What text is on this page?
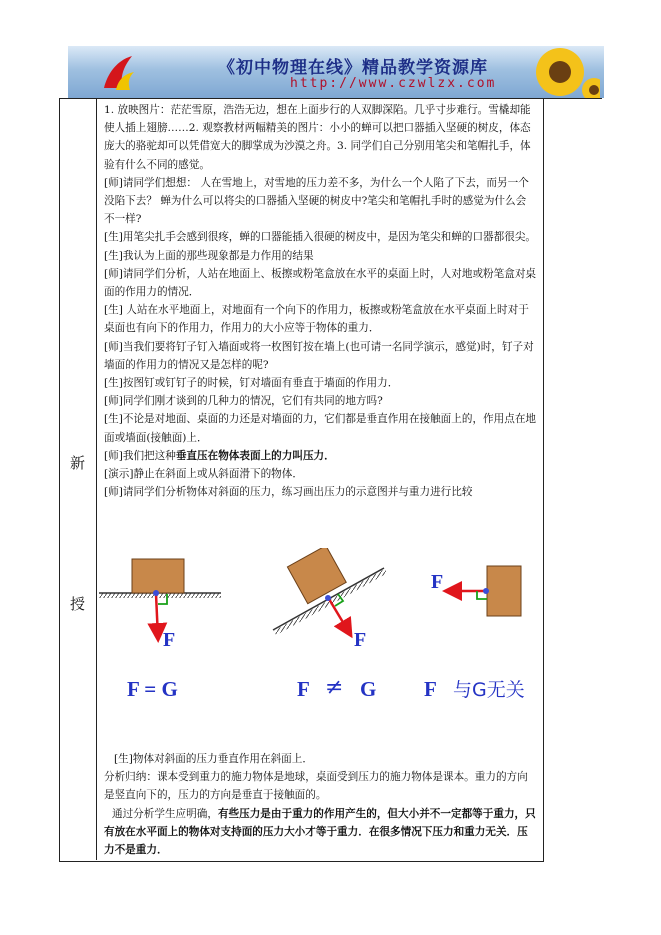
《初中物理在线》精品教学资源库
http://www.czwlzx.com
新
授

1. 放映图片：茫茫雪原，浩浩无边，想在上面步行的人双脚深陷。几乎寸步难行。雪橇却能使人插上翅膀……2. 观察教材两幅精美的图片：小小的蝉可以把口器插入坚硬的树皮，体态庞大的骆驼却可以凭借宽大的脚掌成为沙漠之舟。3. 同学们自己分别用笔尖和笔帽扎手，体验有什么不同的感觉。

[师]请同学们想想： 人在雪地上，对雪地的压力差不多，为什么一个人陷了下去，而另一个没陷下去？ 蝉为什么可以将尖的口器插入坚硬的树皮中?笔尖和笔帽扎手时的感觉为什么会不一样?

[生]用笔尖扎手会感到很疼，蝉的口器能插入很硬的树皮中，是因为笔尖和蝉的口器都很尖。

[生]我认为上面的那些现象都是力作用的结果

[师]请同学们分析，人站在地面上、板擦或粉笔盒放在水平的桌面上时，人对地或粉笔盒对桌面的作用力的情况．

[生] 人站在水平地面上，对地面有一个向下的作用力，板擦或粉笔盒放在水平桌面上时对于桌面也有向下的作用力，作用力的大小应等于物体的重力．

[师]当我们要将钉子钉入墙面或将一枚图钉按在墙上(也可请一名同学演示，感觉)时，钉子对墙面的作用力的情况又是怎样的呢?

[生]按图钉或钉钉子的时候，钉对墙面有垂直于墙面的作用力．

[师]同学们刚才谈到的几种力的情况，它们有共同的地方吗?

[生]不论是对地面、桌面的力还是对墙面的力，它们都是垂直作用在接触面上的，作用点在地面或墙面(接触面)上．

[师]我们把这种垂直压在物体表面上的力叫压力．

[演示]静止在斜面上或从斜面滑下的物体．

[师]请同学们分析物体对斜面的压力，练习画出压力的示意图并与重力进行比较

F	F
F
F = G	F ≠ G F 与G无关

[生]物体对斜面的压力垂直作用在斜面上．

分析归纳：课本受到重力的施力物体是地球，桌面受到压力的施力物体是课本。重力的方向是竖直向下的，压力的方向是垂直于接触面的。

通过分析学生应明确，有些压力是由于重力的作用产生的，但大小并不一定都等于重力，只有放在水平面上的物体对支持面的压力大小才等于重力．在很多情况下压力和重力无关．压力不是重力．
